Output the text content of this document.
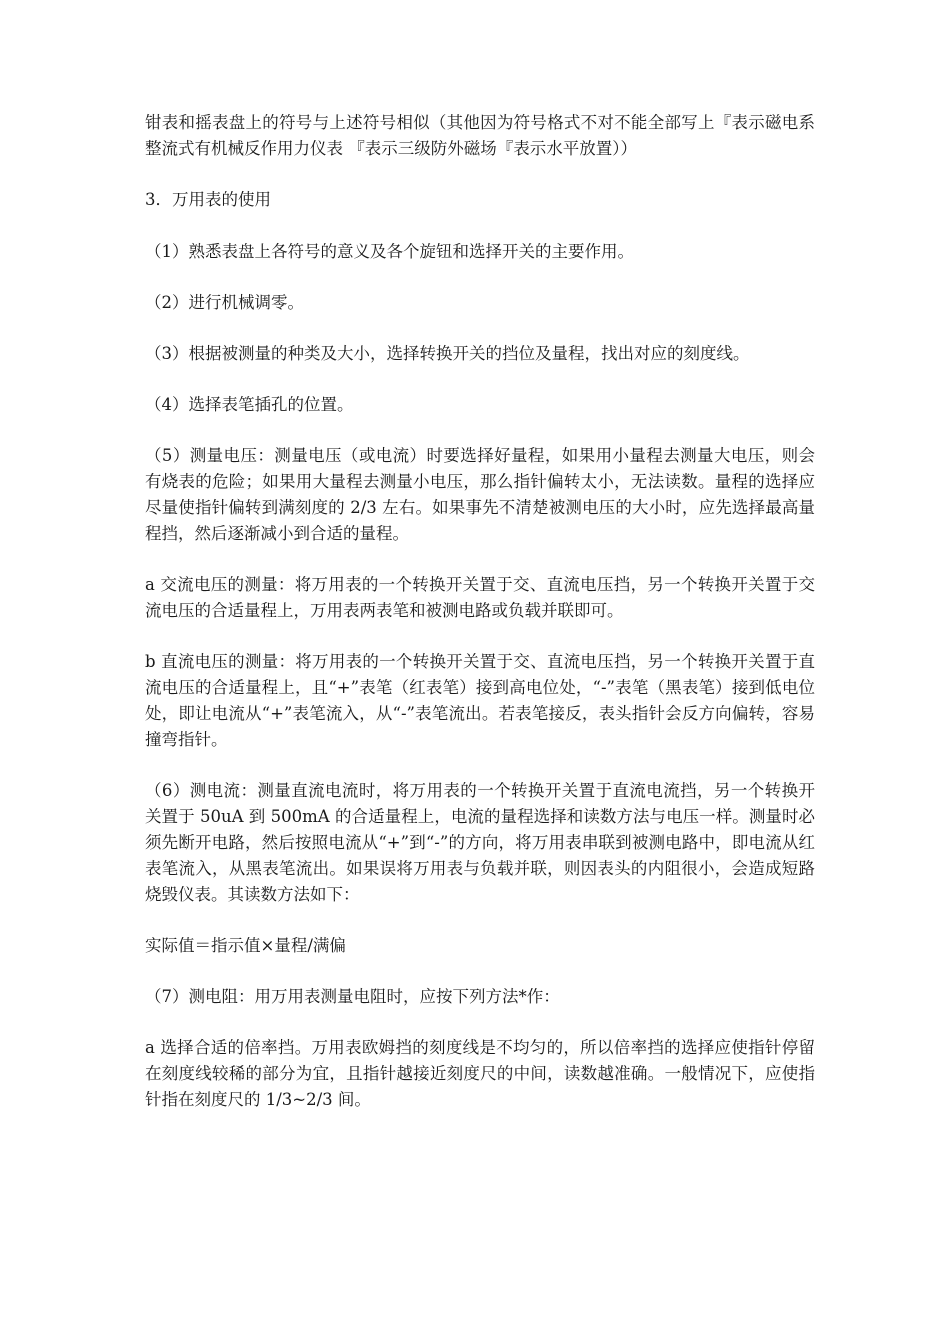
钳表和摇表盘上的符号与上述符号相似（其他因为符号格式不对不能全部写上『表示磁电系整流式有机械反作用力仪表 『表示三级防外磁场『表示水平放置））

3．万用表的使用

（1）熟悉表盘上各符号的意义及各个旋钮和选择开关的主要作用。

（2）进行机械调零。

（3）根据被测量的种类及大小，选择转换开关的挡位及量程，找出对应的刻度线。

（4）选择表笔插孔的位置。

（5）测量电压：测量电压（或电流）时要选择好量程，如果用小量程去测量大电压，则会有烧表的危险；如果用大量程去测量小电压，那么指针偏转太小，无法读数。量程的选择应尽量使指针偏转到满刻度的 2/3 左右。如果事先不清楚被测电压的大小时，应先选择最高量程挡，然后逐渐减小到合适的量程。

a 交流电压的测量：将万用表的一个转换开关置于交、直流电压挡，另一个转换开关置于交流电压的合适量程上，万用表两表笔和被测电路或负载并联即可。

b 直流电压的测量：将万用表的一个转换开关置于交、直流电压挡，另一个转换开关置于直流电压的合适量程上，且“+”表笔（红表笔）接到高电位处，“-”表笔（黑表笔）接到低电位处，即让电流从“+”表笔流入，从“-”表笔流出。若表笔接反，表头指针会反方向偏转，容易撞弯指针。

（6）测电流：测量直流电流时，将万用表的一个转换开关置于直流电流挡，另一个转换开关置于 50uA 到 500mA 的合适量程上，电流的量程选择和读数方法与电压一样。测量时必须先断开电路，然后按照电流从“+”到“-”的方向，将万用表串联到被测电路中，即电流从红表笔流入，从黑表笔流出。如果误将万用表与负载并联，则因表头的内阻很小，会造成短路烧毁仪表。其读数方法如下：

实际值＝指示值×量程/满偏

（7）测电阻：用万用表测量电阻时，应按下列方法*作：

a 选择合适的倍率挡。万用表欧姆挡的刻度线是不均匀的，所以倍率挡的选择应使指针停留在刻度线较稀的部分为宜，且指针越接近刻度尺的中间，读数越准确。一般情况下，应使指针指在刻度尺的 1/3~2/3 间。
